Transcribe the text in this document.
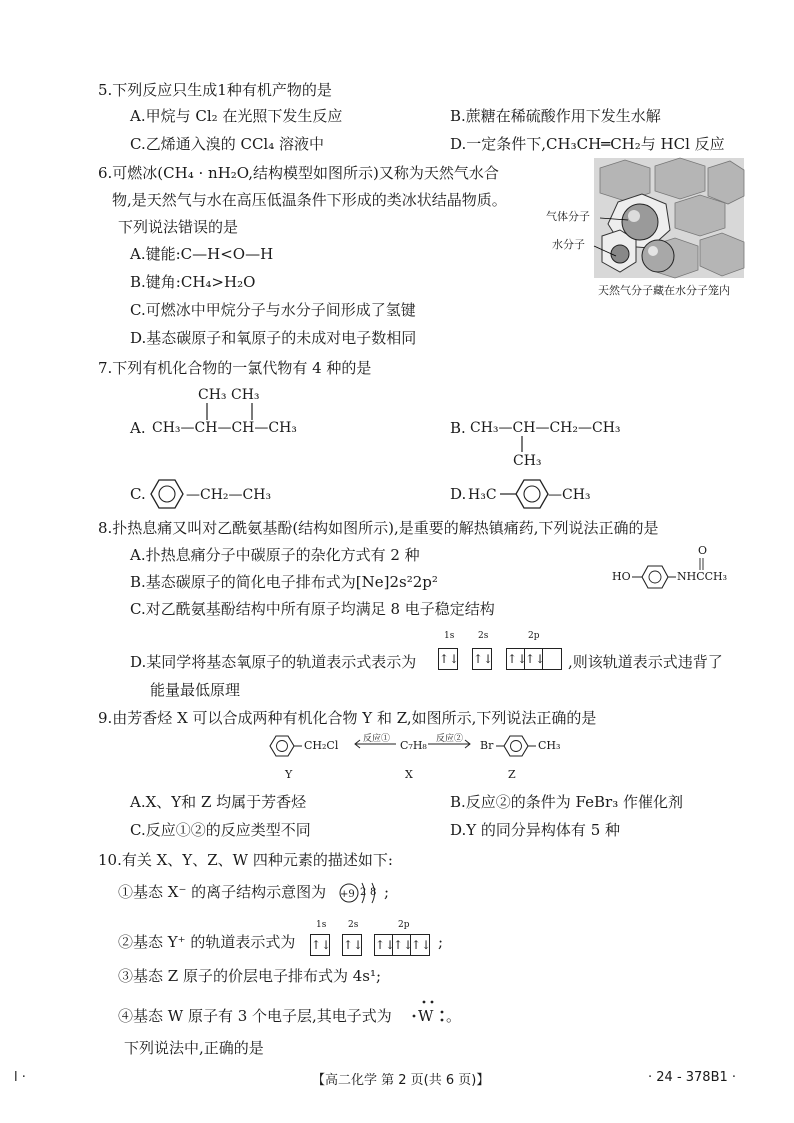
5.下列反应只生成1种有机产物的是
A.甲烷与 Cl₂ 在光照下发生反应	B.蔗糖在稀硫酸作用下发生水解
C.乙烯通入溴的 CCl₄ 溶液中	D.一定条件下,CH₃CH═CH₂与 HCl 反应
6.可燃冰(CH₄ · nH₂O,结构模型如图所示)又称为天然气水合
物,是天然气与水在高压低温条件下形成的类冰状结晶物质。
下列说法错误的是
A.键能:C—H<O—H
B.键角:CH₄>H₂O
C.可燃冰中甲烷分子与水分子间形成了氢键
D.基态碳原子和氧原子的未成对电子数相同
气体分子
水分子
天然气分子藏在水分子笼内
7.下列有机化合物的一氯代物有 4 种的是
CH₃ CH₃
A. CH₃—CH—CH—CH₃	B. CH₃—CH—CH₂—CH₃
CH₃
C.	—CH₂—CH₃	D. H₃C	—CH₃
8.扑热息痛又叫对乙酰氨基酚(结构如图所示),是重要的解热镇痛药,下列说法正确的是
A.扑热息痛分子中碳原子的杂化方式有 2 种
B.基态碳原子的简化电子排布式为[Ne]2s²2p²
C.对乙酰氨基酚结构中所有原子均满足 8 电子稳定结构
HO	NHCCH₃
O
D.某同学将基态氧原子的轨道表示式表示为
1s	2s	2p
↑↓ ↑↓ ↑↓↑↓	,则该轨道表示式违背了
能量最低原理
9.由芳香烃 X 可以合成两种有机化合物 Y 和 Z,如图所示,下列说法正确的是
CH₂Cl	反应① C₇H₈ 反应② Br	CH₃
Y	X	Z
A.X、Y和 Z 均属于芳香烃	B.反应②的条件为 FeBr₃ 作催化剂
C.反应①②的反应类型不同	D.Y 的同分异构体有 5 种
10.有关 X、Y、Z、W 四种元素的描述如下:
①基态 X⁻ 的离子结构示意图为 +9 2 8 ;
②基态 Y⁺ 的轨道表示式为
1s 2s	2p
↑↓ ↑↓ ↑↓↑↓↑↓ ;
③基态 Z 原子的价层电子排布式为 4s¹;
④基态 W 原子有 3 个电子层,其电子式为 W 。
下列说法中,正确的是
l ·	【高二化学 第 2 页(共 6 页)】	· 24 - 378B1 ·
